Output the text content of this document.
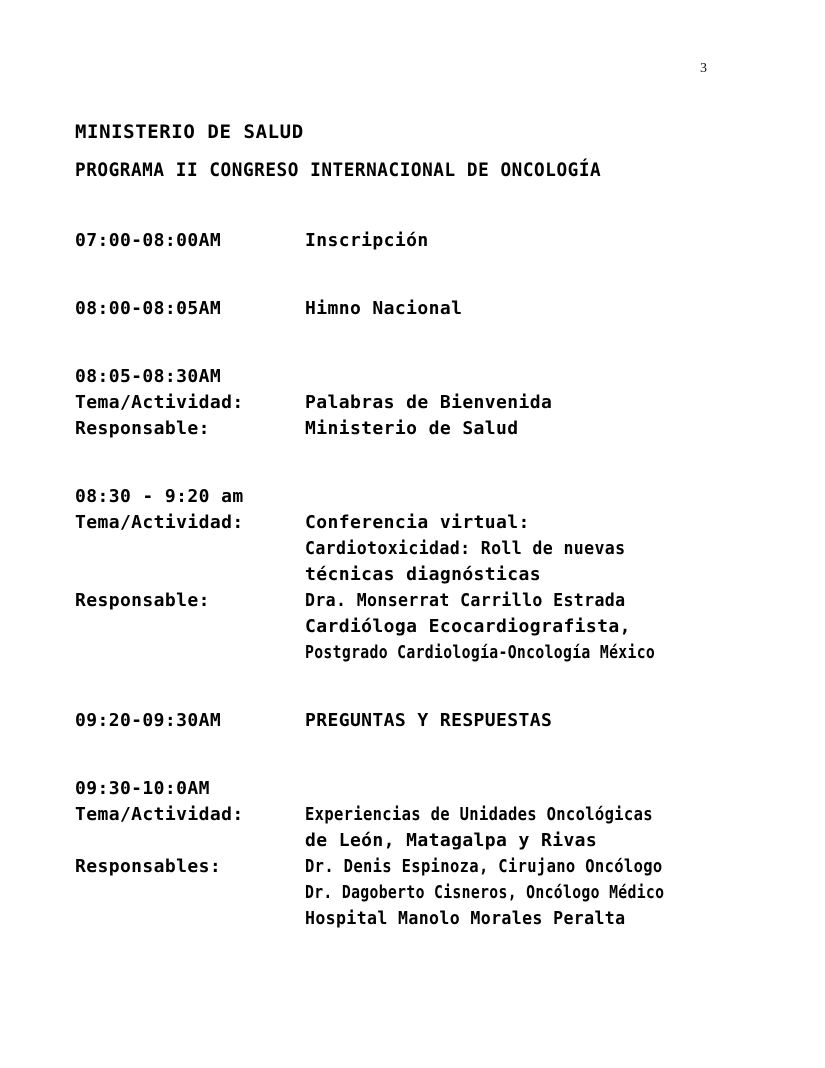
3
MINISTERIO DE SALUD
PROGRAMA II CONGRESO INTERNACIONAL DE ONCOLOGÍA
07:00-08:00AM	Inscripción
08:00-08:05AM	Himno Nacional
08:05-08:30AM
Tema/Actividad:	Palabras de Bienvenida
Responsable:	Ministerio de Salud
08:30 - 9:20 am
Tema/Actividad:	Conferencia virtual:
Cardiotoxicidad: Roll de nuevas
técnicas diagnósticas
Responsable:	Dra. Monserrat Carrillo Estrada
Cardióloga Ecocardiografista,
Postgrado Cardiología-Oncología México
09:20-09:30AM	PREGUNTAS Y RESPUESTAS
09:30-10:0AM
Tema/Actividad:	Experiencias de Unidades Oncológicas
de León, Matagalpa y Rivas
Responsables:	Dr. Denis Espinoza, Cirujano Oncólogo
Dr. Dagoberto Cisneros, Oncólogo Médico
Hospital Manolo Morales Peralta
